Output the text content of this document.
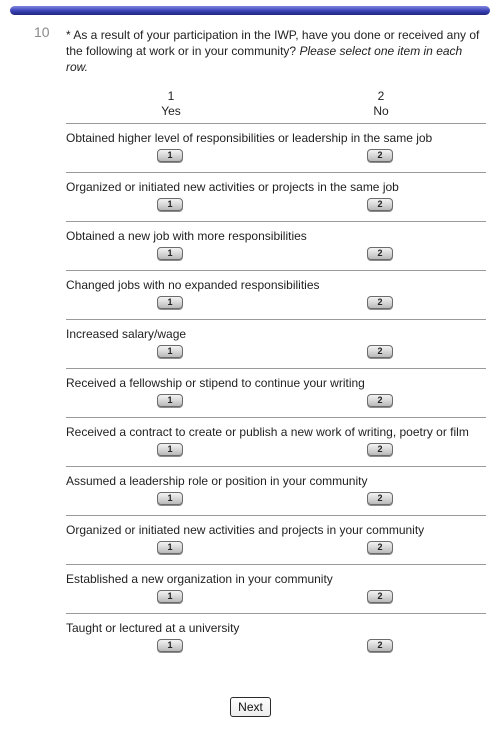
10 * As a result of your participation in the IWP, have you done or received any of the following at work or in your community? Please select one item in each row.
1
Yes
2
No
Obtained higher level of responsibilities or leadership in the same job
1	2
Organized or initiated new activities or projects in the same job
1	2
Obtained a new job with more responsibilities
1	2
Changed jobs with no expanded responsibilities
1	2
Increased salary/wage
1	2
Received a fellowship or stipend to continue your writing
1	2
Received a contract to create or publish a new work of writing, poetry or film
1	2
Assumed a leadership role or position in your community
1	2
Organized or initiated new activities and projects in your community
1	2
Established a new organization in your community
1	2
Taught or lectured at a university
1	2
Next
